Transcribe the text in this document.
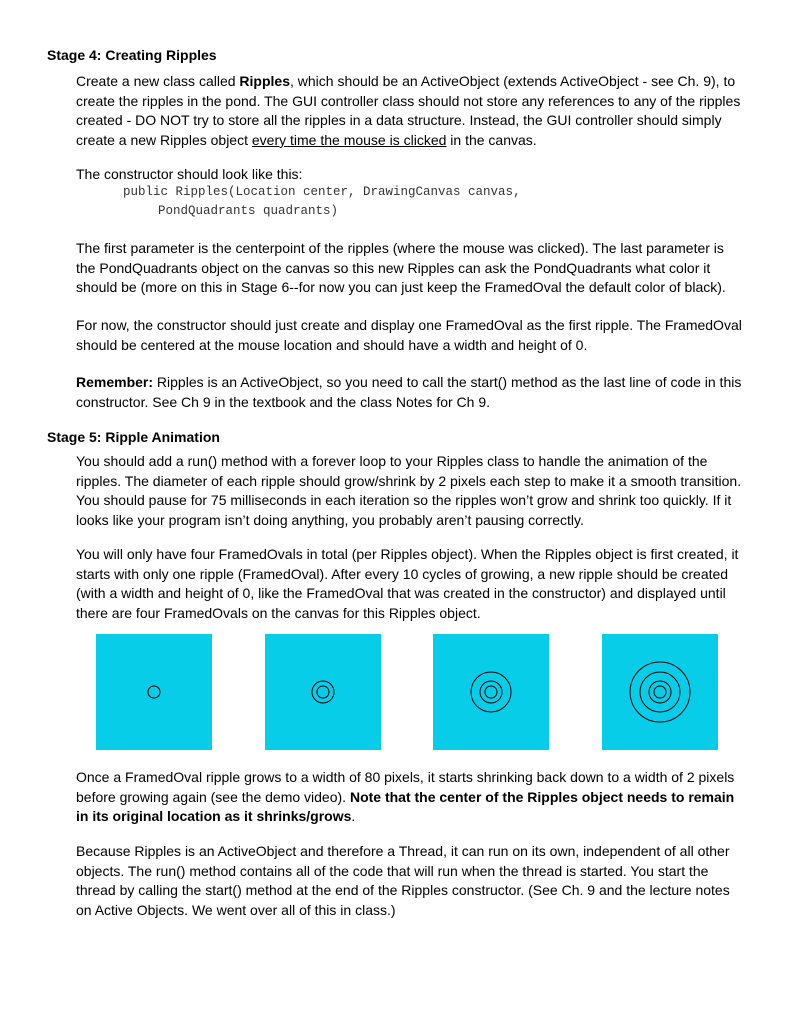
Stage 4: Creating Ripples

Create a new class called Ripples, which should be an ActiveObject (extends ActiveObject - see Ch. 9), to create the ripples in the pond. The GUI controller class should not store any references to any of the ripples created - DO NOT try to store all the ripples in a data structure. Instead, the GUI controller should simply create a new Ripples object every time the mouse is clicked in the canvas.

The constructor should look like this:

public Ripples(Location center, DrawingCanvas canvas,
PondQuadrants quadrants)

The first parameter is the centerpoint of the ripples (where the mouse was clicked). The last parameter is the PondQuadrants object on the canvas so this new Ripples can ask the PondQuadrants what color it should be (more on this in Stage 6--for now you can just keep the FramedOval the default color of black).

For now, the constructor should just create and display one FramedOval as the first ripple. The FramedOval should be centered at the mouse location and should have a width and height of 0.

Remember: Ripples is an ActiveObject, so you need to call the start() method as the last line of code in this constructor. See Ch 9 in the textbook and the class Notes for Ch 9.

Stage 5: Ripple Animation

You should add a run() method with a forever loop to your Ripples class to handle the animation of the ripples. The diameter of each ripple should grow/shrink by 2 pixels each step to make it a smooth transition. You should pause for 75 milliseconds in each iteration so the ripples won’t grow and shrink too quickly. If it looks like your program isn’t doing anything, you probably aren’t pausing correctly.

You will only have four FramedOvals in total (per Ripples object). When the Ripples object is first created, it starts with only one ripple (FramedOval). After every 10 cycles of growing, a new ripple should be created (with a width and height of 0, like the FramedOval that was created in the constructor) and displayed until there are four FramedOvals on the canvas for this Ripples object.

Once a FramedOval ripple grows to a width of 80 pixels, it starts shrinking back down to a width of 2 pixels before growing again (see the demo video). Note that the center of the Ripples object needs to remain in its original location as it shrinks/grows.

Because Ripples is an ActiveObject and therefore a Thread, it can run on its own, independent of all other objects. The run() method contains all of the code that will run when the thread is started. You start the thread by calling the start() method at the end of the Ripples constructor. (See Ch. 9 and the lecture notes on Active Objects. We went over all of this in class.)
